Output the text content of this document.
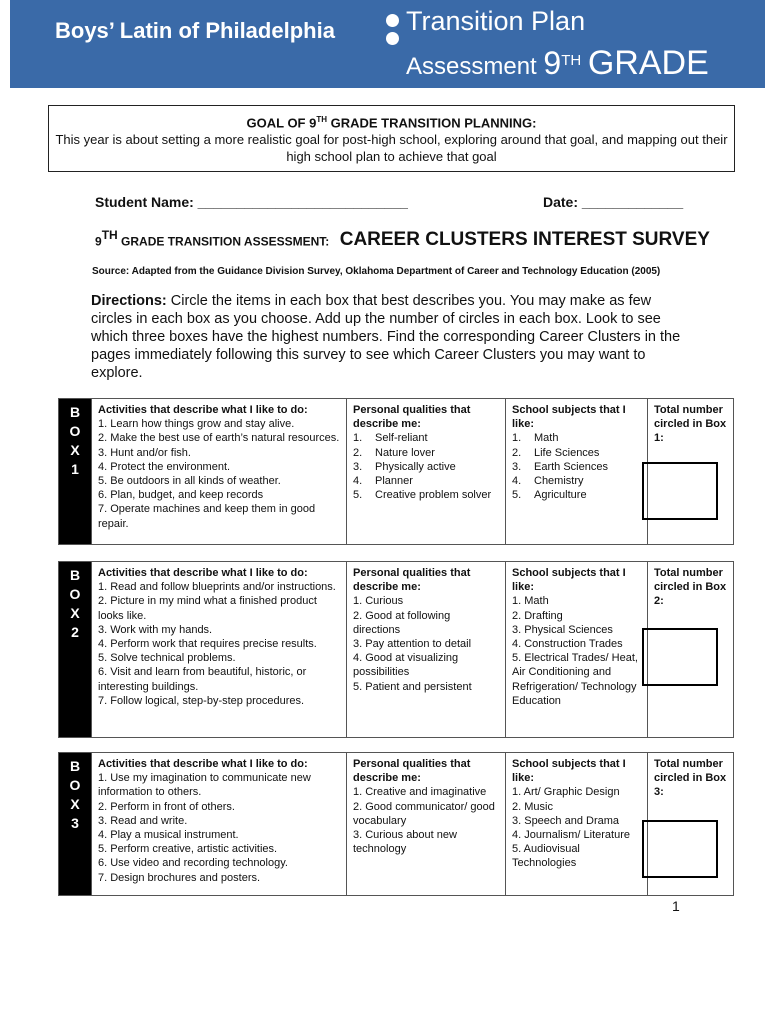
Boys’ Latin of Philadelphia	Transition Plan
Assessment 9TH GRADE
GOAL OF 9TH GRADE TRANSITION PLANNING:
This year is about setting a more realistic goal for post-high school, exploring around that goal, and mapping out their high school plan to achieve that goal
Student Name: ___________________________	Date: _____________
9TH GRADE TRANSITION ASSESSMENT: CAREER CLUSTERS INTEREST SURVEY
Source: Adapted from the Guidance Division Survey, Oklahoma Department of Career and Technology Education (2005)
Directions: Circle the items in each box that best describes you. You may make as few circles in each box as you choose. Add up the number of circles in each box. Look to see which three boxes have the highest numbers. Find the corresponding Career Clusters in the pages immediately following this survey to see which Career Clusters you may want to explore.
B
O
X
1
Activities that describe what I like to do:
1. Learn how things grow and stay alive.
2. Make the best use of earth’s natural resources.
3. Hunt and/or fish.
4. Protect the environment.
5. Be outdoors in all kinds of weather.
6. Plan, budget, and keep records
7. Operate machines and keep them in good repair.
Personal qualities that describe me:
1.	Self-reliant
2.	Nature lover
3.	Physically active
4.	Planner
5.	Creative problem solver
School subjects that I like:
1.	Math
2.	Life Sciences
3.	Earth Sciences
4.	Chemistry
5.	Agriculture
Total number circled in Box 1:
B
O
X
2
Activities that describe what I like to do:
1. Read and follow blueprints and/or instructions.
2. Picture in my mind what a finished product looks like.
3. Work with my hands.
4. Perform work that requires precise results.
5. Solve technical problems.
6. Visit and learn from beautiful, historic, or interesting buildings.
7. Follow logical, step-by-step procedures.
Personal qualities that describe me:
1. Curious
2. Good at following directions
3. Pay attention to detail
4. Good at visualizing possibilities
5. Patient and persistent
School subjects that I like:
1. Math
2. Drafting
3. Physical Sciences
4. Construction Trades
5. Electrical Trades/ Heat, Air Conditioning and Refrigeration/ Technology Education
Total number circled in Box 2:
B
O
X
3
Activities that describe what I like to do:
1. Use my imagination to communicate new information to others.
2. Perform in front of others.
3. Read and write.
4. Play a musical instrument.
5. Perform creative, artistic activities.
6. Use video and recording technology.
7. Design brochures and posters.
Personal qualities that describe me:
1. Creative and imaginative
2. Good communicator/ good vocabulary
3. Curious about new technology
School subjects that I like:
1. Art/ Graphic Design
2. Music
3. Speech and Drama
4. Journalism/ Literature
5. Audiovisual Technologies
Total number circled in Box 3:
1
